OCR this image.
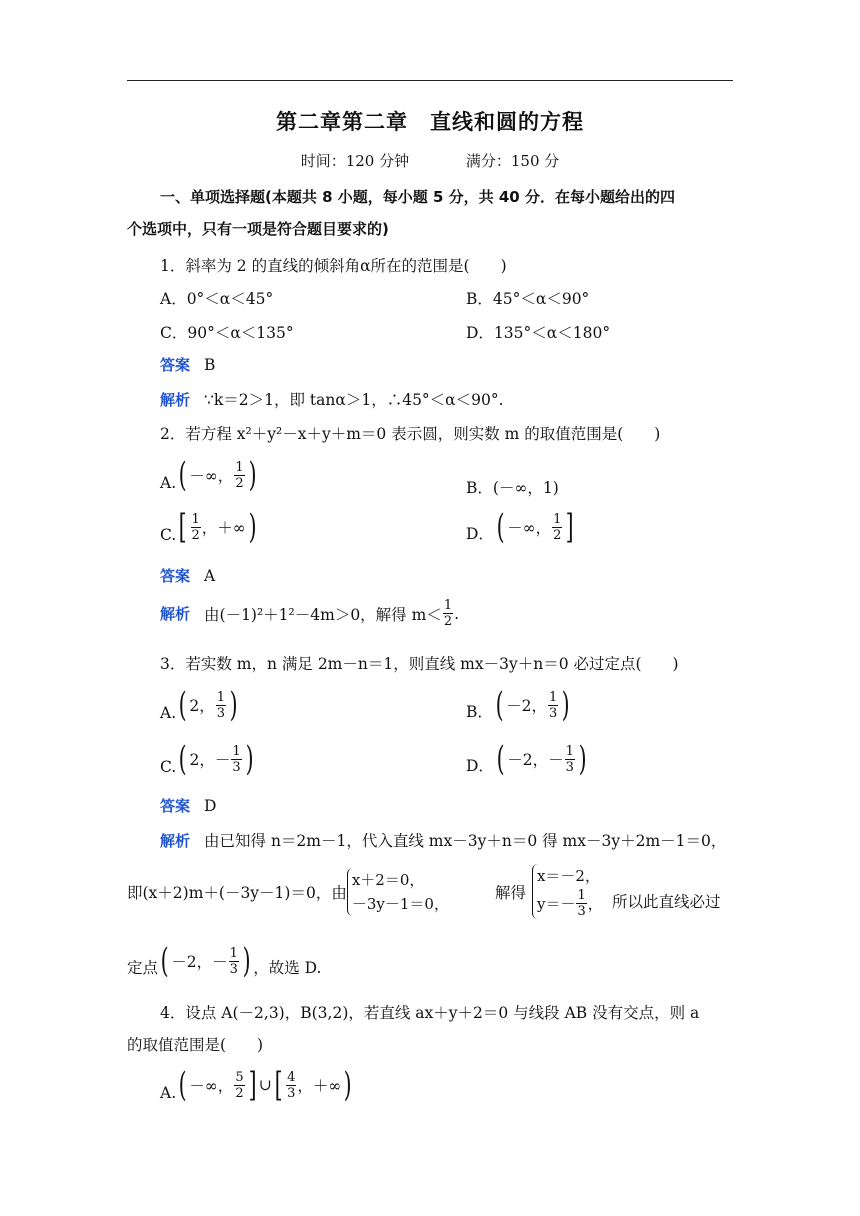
第二章第二章　直线和圆的方程
时间：120 分钟	满分：150 分
一、单项选择题(本题共 8 小题，每小题 5 分，共 40 分．在每小题给出的四
个选项中，只有一项是符合题目要求的)
1．斜率为 2 的直线的倾斜角α所在的范围是(　　)
A．0°＜α＜45°	B．45°＜α＜90°
C．90°＜α＜135°	D．135°＜α＜180°
答案 B
解析 ∵k＝2＞1，即 tanα＞1，∴45°＜α＜90°.
2．若方程 x²＋y²－x＋y＋m＝0 表示圆，则实数 m 的取值范围是(　　)
A. ( －∞， $\frac{1}{2}$ )	B．(－∞，1)
C. [ $\frac{1}{2}$ ，＋∞ )	D． ( －∞， $\frac{1}{2}$ ]
答案 A
解析 由(－1)²＋1²－4m＞0，解得 $m< \frac{1}{2}$ .
3．若实数 m，n 满足 2m－n＝1，则直线 mx－3y＋n＝0 必过定点(　　)
A. ( 2， $\frac{1}{3}$ )	B． ( －2， $\frac{1}{3}$ )
C. ( 2，－ $\frac{1}{3}$ )	D． ( －2，－ $\frac{1}{3}$ )
答案 D
解析 由已知得 n＝2m－1，代入直线 mx－3y＋n＝0 得 mx－3y＋2m－1＝0，
即(x＋2)m＋(－3y－1)＝0，由
x＋2＝0，
－3y－1＝0，
解得
x＝－2，
$y=- \frac{1}{3}$ ， 所以此直线必过
定点 ( －2，－ $\frac{1}{3}$ ) ，故选 D.
4．设点 A(－2,3)，B(3,2)，若直线 ax＋y＋2＝0 与线段 AB 没有交点，则 a
的取值范围是(　　)
A. ( －∞， $\frac{5}{2}$ ] ∪ [ $\frac{4}{3}$ ，＋∞ )
